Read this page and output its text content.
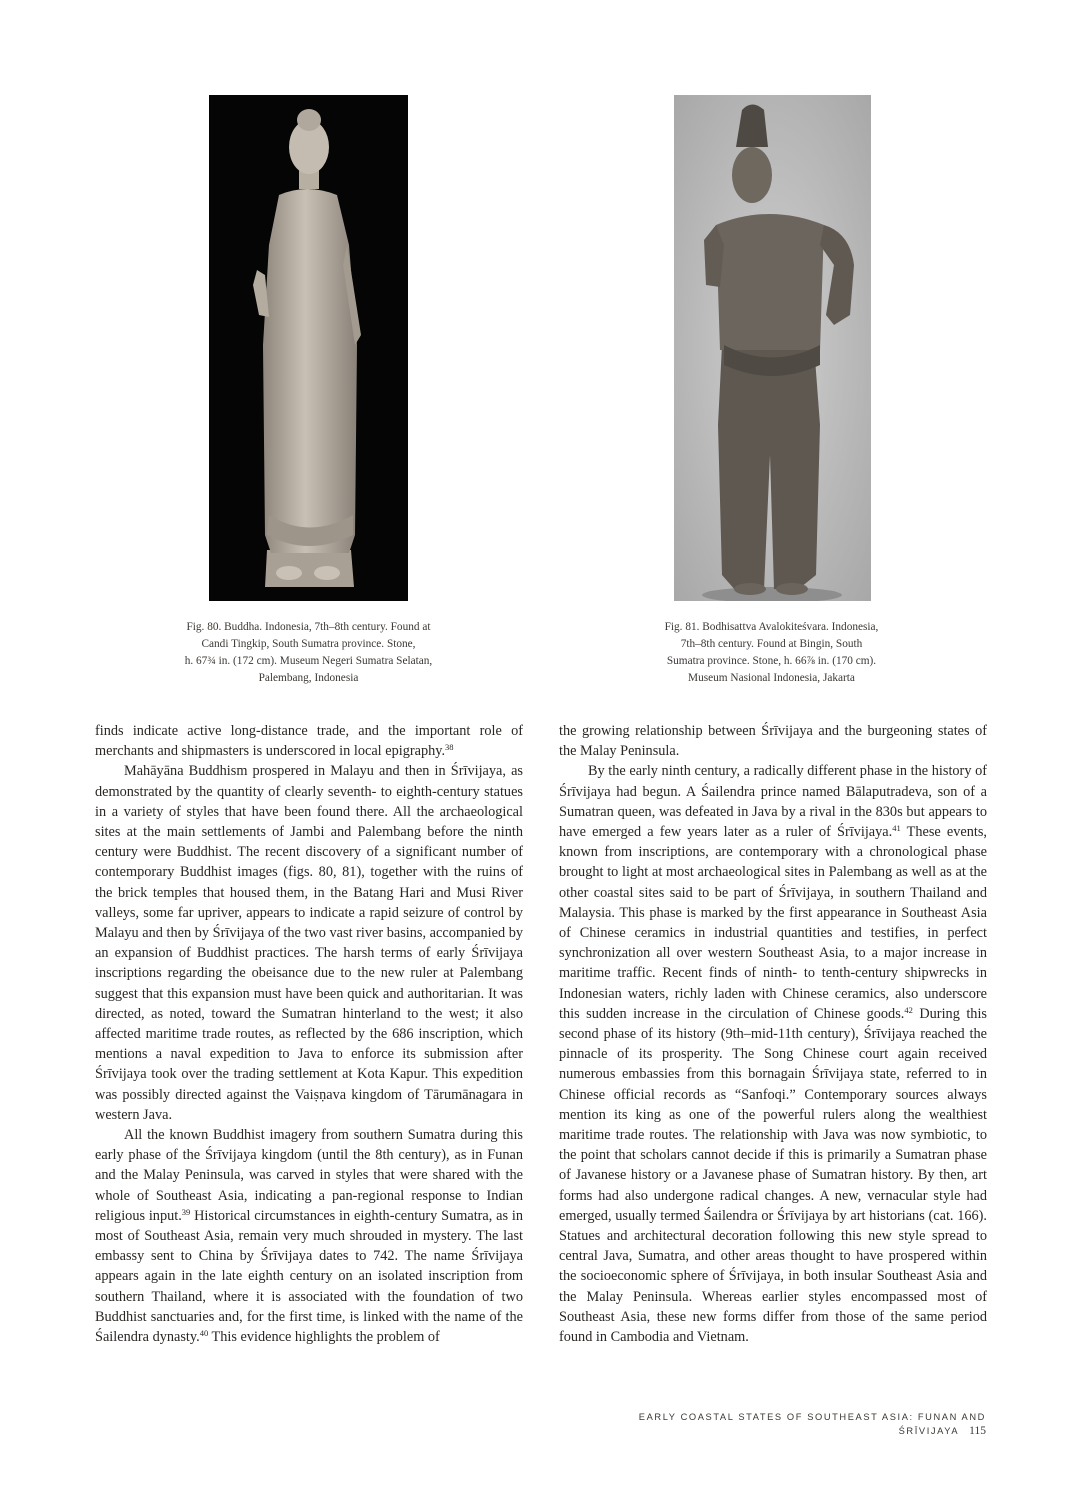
Fig. 80. Buddha. Indonesia, 7th–8th century. Found at
Candi Tingkip, South Sumatra province. Stone,
h. 67¾ in. (172 cm). Museum Negeri Sumatra Selatan,
Palembang, Indonesia
Fig. 81. Bodhisattva Avalokiteśvara. Indonesia,
7th–8th century. Found at Bingin, South
Sumatra province. Stone, h. 66⅞ in. (170 cm).
Museum Nasional Indonesia, Jakarta

finds indicate active long-distance trade, and the important role of merchants and shipmasters is underscored in local epigraphy.$^{38}$

Mahāyāna Buddhism prospered in Malayu and then in Śrīvijaya, as demonstrated by the quantity of clearly seventh- to eighth-century statues in a variety of styles that have been found there. All the archaeological sites at the main settlements of Jambi and Palembang before the ninth century were Buddhist. The recent discovery of a significant number of contemporary Buddhist images (figs. 80, 81), together with the ruins of the brick temples that housed them, in the Batang Hari and Musi River valleys, some far upriver, appears to indicate a rapid seizure of control by Malayu and then by Śrīvijaya of the two vast river basins, accompanied by an expansion of Buddhist practices. The harsh terms of early Śrīvijaya inscriptions regarding the obeisance due to the new ruler at Palembang suggest that this expansion must have been quick and authoritarian. It was directed, as noted, toward the Sumatran hinterland to the west; it also affected maritime trade routes, as reflected by the 686 inscription, which mentions a naval expedition to Java to enforce its submission after Śrīvijaya took over the trading settlement at Kota Kapur. This expedition was possibly directed against the Vaiṣṇava kingdom of Tārumānagara in western Java.

All the known Buddhist imagery from southern Sumatra during this early phase of the Śrīvijaya kingdom (until the 8th century), as in Funan and the Malay Peninsula, was carved in styles that were shared with the whole of Southeast Asia, indicating a pan-regional response to Indian religious input.$^{39}$ Historical circumstances in eighth-century Sumatra, as in most of Southeast Asia, remain very much shrouded in mystery. The last embassy sent to China by Śrīvijaya dates to 742. The name Śrīvijaya appears again in the late eighth century on an isolated inscription from southern Thailand, where it is associated with the foundation of two Buddhist sanctuaries and, for the first time, is linked with the name of the Śailendra dynasty.$^{40}$ This evidence highlights the problem of

the growing relationship between Śrīvijaya and the burgeoning states of the Malay Peninsula.

By the early ninth century, a radically different phase in the history of Śrīvijaya had begun. A Śailendra prince named Bālaputradeva, son of a Sumatran queen, was defeated in Java by a rival in the 830s but appears to have emerged a few years later as a ruler of Śrīvijaya.$^{41}$ These events, known from inscriptions, are contemporary with a chronological phase brought to light at most archaeological sites in Palembang as well as at the other coastal sites said to be part of Śrīvijaya, in southern Thailand and Malaysia. This phase is marked by the first appearance in Southeast Asia of Chinese ceramics in industrial quantities and testifies, in perfect synchronization all over western Southeast Asia, to a major increase in maritime traffic. Recent finds of ninth- to tenth-century shipwrecks in Indonesian waters, richly laden with Chinese ceramics, also underscore this sudden increase in the circulation of Chinese goods.$^{42}$ During this second phase of its history (9th–mid-11th century), Śrīvijaya reached the pinnacle of its prosperity. The Song Chinese court again received numerous embassies from this bornagain Śrīvijaya state, referred to in Chinese official records as “Sanfoqi.” Contemporary sources always mention its king as one of the powerful rulers along the wealthiest maritime trade routes. The relationship with Java was now symbiotic, to the point that scholars cannot decide if this is primarily a Sumatran phase of Javanese history or a Javanese phase of Sumatran history. By then, art forms had also undergone radical changes. A new, vernacular style had emerged, usually termed Śailendra or Śrīvijaya by art historians (cat. 166). Statues and architectural decoration following this new style spread to central Java, Sumatra, and other areas thought to have prospered within the socioeconomic sphere of Śrīvijaya, in both insular Southeast Asia and the Malay Peninsula. Whereas earlier styles encompassed most of Southeast Asia, these new forms differ from those of the same period found in Cambodia and Vietnam.

EARLY COASTAL STATES OF SOUTHEAST ASIA: FUNAN AND ŚRĪVIJAYA 115
